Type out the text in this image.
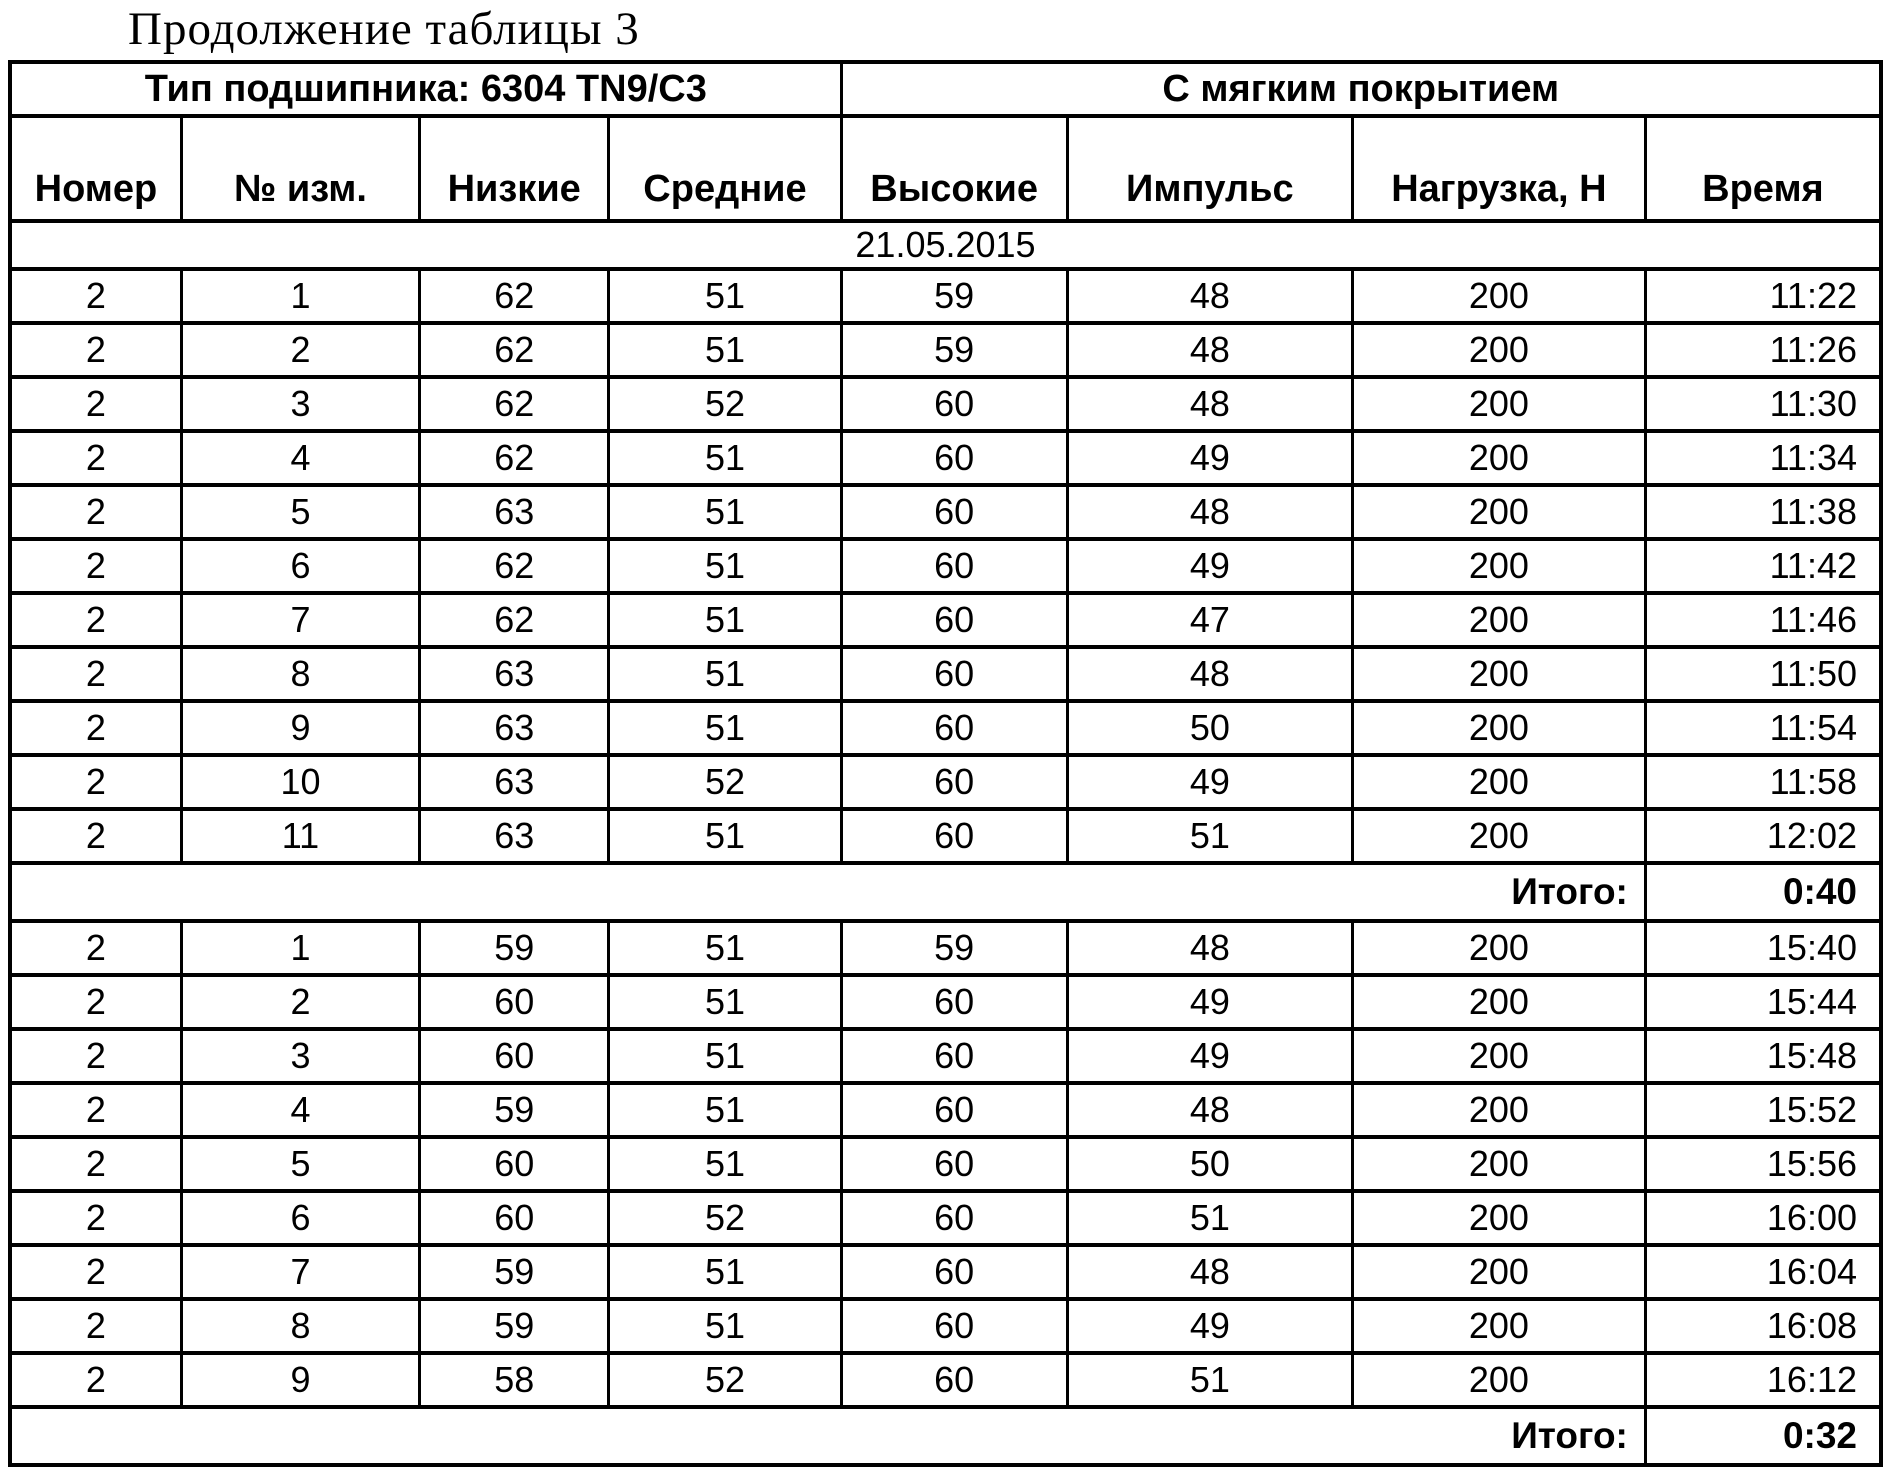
Продолжение таблицы 3
Тип подшипника: 6304 TN9/C3				С мягким покрытием			
Номер	№ изм.	Низкие	Средние	Высокие	Импульс	Нагрузка, Н	Время
21.05.2015							
2	1	62	51	59	48	200	11:22
2	2	62	51	59	48	200	11:26
2	3	62	52	60	48	200	11:30
2	4	62	51	60	49	200	11:34
2	5	63	51	60	48	200	11:38
2	6	62	51	60	49	200	11:42
2	7	62	51	60	47	200	11:46
2	8	63	51	60	48	200	11:50
2	9	63	51	60	50	200	11:54
2	10	63	52	60	49	200	11:58
2	11	63	51	60	51	200	12:02
Итого:							0:40
2	1	59	51	59	48	200	15:40
2	2	60	51	60	49	200	15:44
2	3	60	51	60	49	200	15:48
2	4	59	51	60	48	200	15:52
2	5	60	51	60	50	200	15:56
2	6	60	52	60	51	200	16:00
2	7	59	51	60	48	200	16:04
2	8	59	51	60	49	200	16:08
2	9	58	52	60	51	200	16:12
Итого:							0:32
